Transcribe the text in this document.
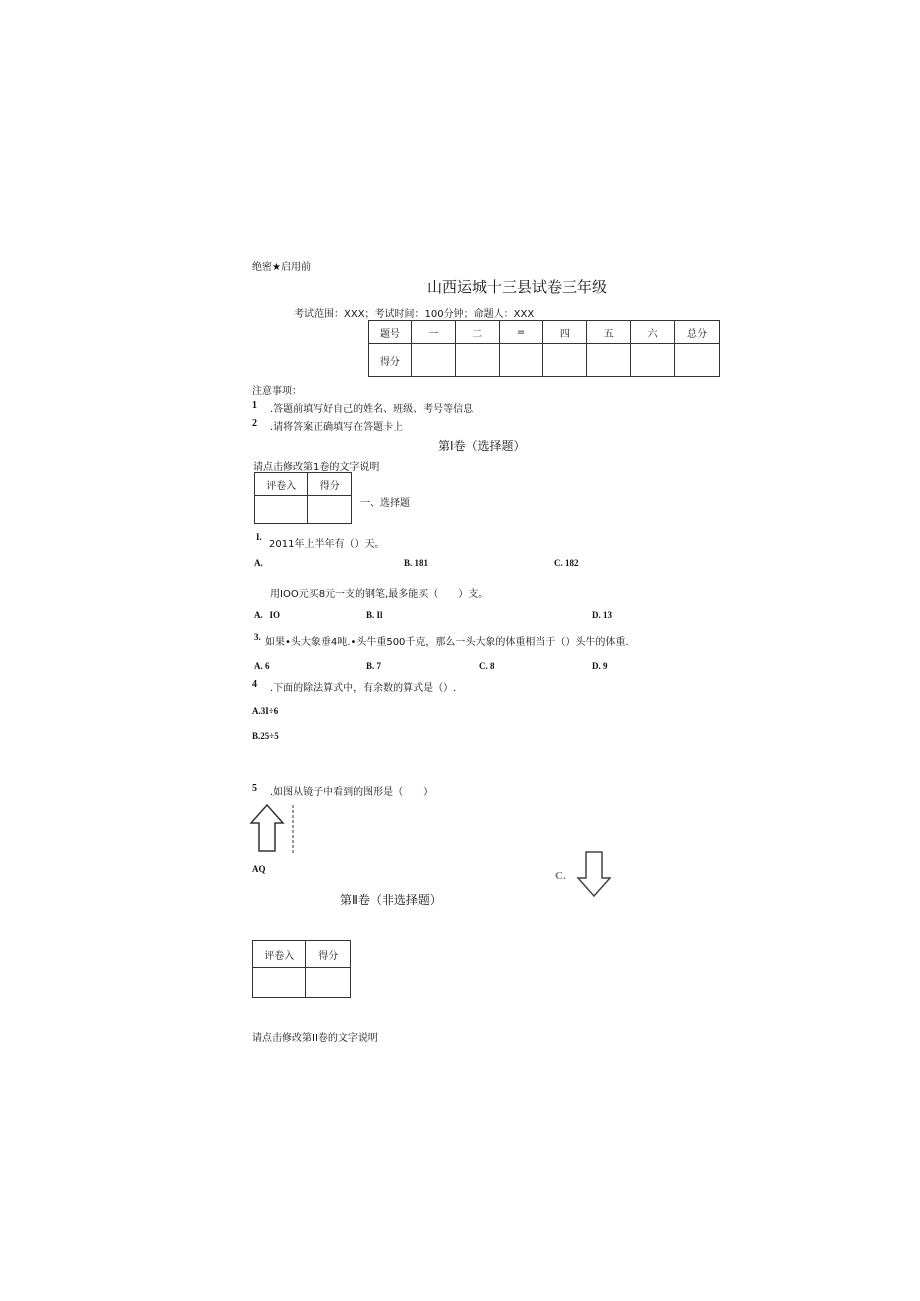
绝密★启用前
山西运城十三县试卷三年级
考试范围：XXX；考试时间：100分钟；命题人：XXX
题号	一	二	=	四	五	六	总分
得分							
注意事项：
1 .答题前填写好自己的姓名、班级、考号等信息
2 .请将答案正确填写在答题卡上
第Ⅰ卷（选择题）
请点击修改第1卷的文字说明
评卷入	得分

一、选择题
I.
2011年上半年有（）天。
A.	B. 181	C. 182
用IOO元买8元一支的钢笔,最多能买（　　）支。
A.   IO	B. Il	D. 13
3. 如果•头大象垂4吨.•头牛重500千克，那么一头大象的体重相当于（）头牛的体重.
A. 6	B. 7	C. 8	D. 9
4 .下面的除法算式中，有余数的算式是（）.
A.3I÷6
B.25÷5
5 .如图从镜子中看到的图形是（　　）
AQ
C.
第Ⅱ卷（非选择题）
评卷入	得分

请点击修改第II卷的文字说明
